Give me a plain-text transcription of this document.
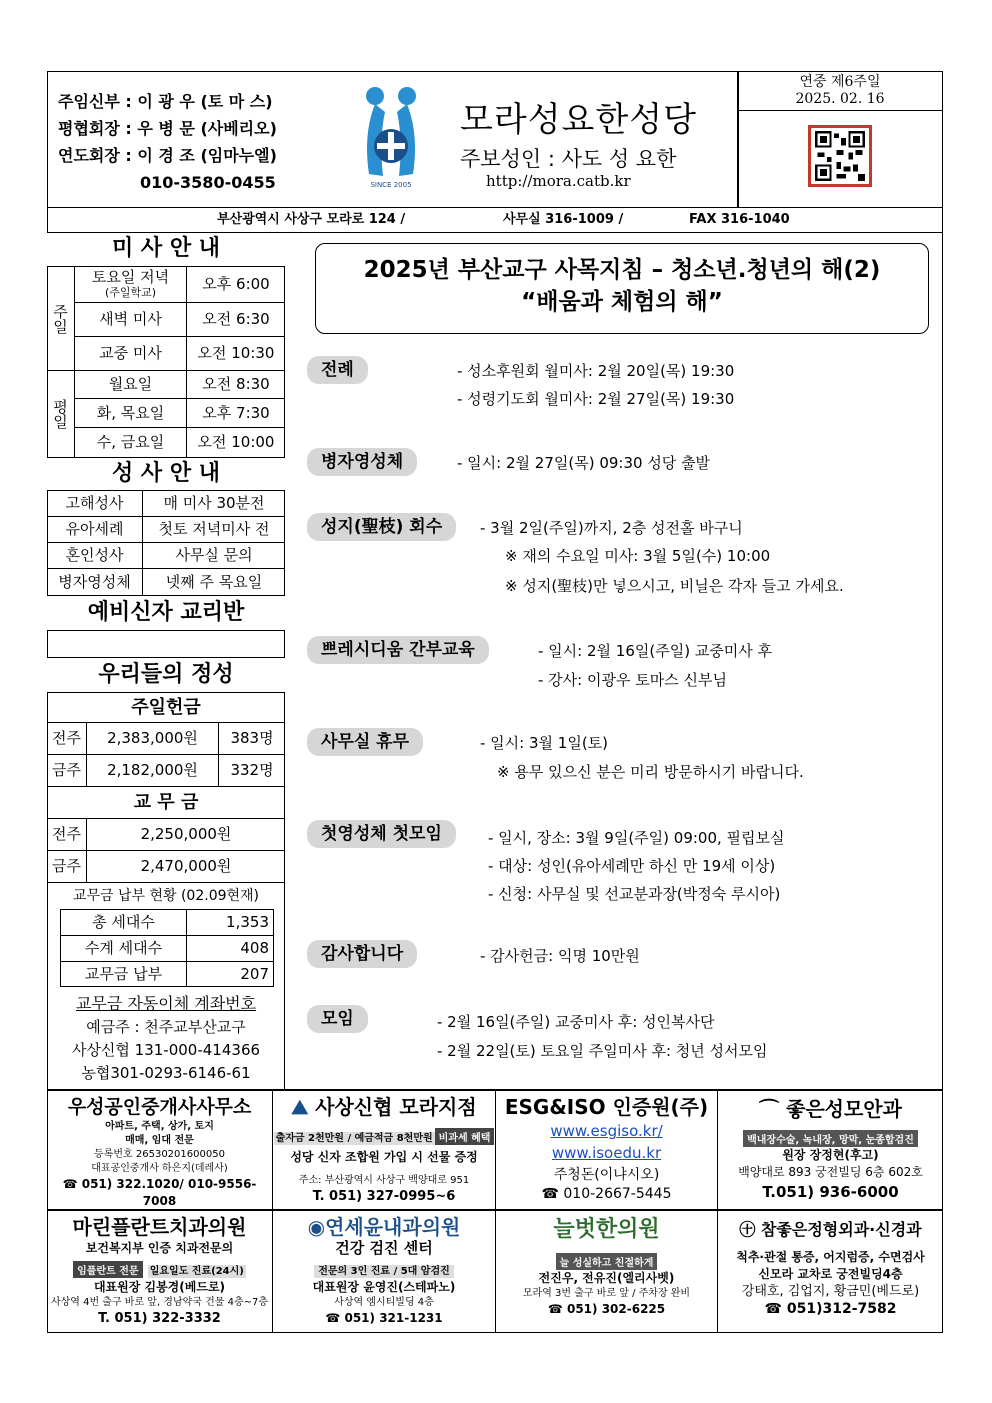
주임신부 : 이 광 우 (토 마 스)
평협회장 : 우 병 문 (사베리오)
연도회장 : 이 경 조 (임마누엘)
010-3580-0455	SINCE 2005
모라성요한성당
주보성인 : 사도 성 요한
http://mora.catb.kr
연중 제6주일
2025. 02. 16
부산광역시 사상구 모라로 124 /	사무실 316-1009 /	FAX 316-1040
미 사 안 내
주일
평일
토요일 저녁
(주일학교)	오후 6:00
새벽 미사	오전 6:30
교중 미사	오전 10:30
월요일	오전 8:30
화, 목요일	오후 7:30
수, 금요일	오전 10:00
성 사 안 내
고해성사	매 미사 30분전
유아세례	첫토 저녁미사 전
혼인성사	사무실 문의
병자영성체	넷째 주 목요일
예비신자 교리반
우리들의 정성
주일헌금
전주	2,383,000원	383명
금주	2,182,000원	332명
교 무 금
전주	2,250,000원
금주	2,470,000원
교무금 납부 현황 (02.09현재)
총 세대수	1,353
수계 세대수	408
교무금 납부	207
교무금 자동이체 계좌번호
예금주 : 천주교부산교구
사상신협 131-000-414366
농협301-0293-6146-61
2025년 부산교구 사목지침 – 청소년.청년의 해(2)
“배움과 체험의 해”
전례	- 성소후원회 월미사: 2월 20일(목) 19:30
- 성령기도회 월미사: 2월 27일(목) 19:30
병자영성체	- 일시: 2월 27일(목) 09:30 성당 출발
성지(聖枝) 회수	- 3월 2일(주일)까지, 2층 성전홀 바구니
※ 재의 수요일 미사: 3월 5일(수) 10:00
※ 성지(聖枝)만 넣으시고, 비닐은 각자 들고 가세요.
쁘레시디움 간부교육	- 일시: 2월 16일(주일) 교중미사 후
- 강사: 이광우 토마스 신부님
사무실 휴무	- 일시: 3월 1일(토)
※ 용무 있으신 분은 미리 방문하시기 바랍니다.
첫영성체 첫모임	- 일시, 장소: 3월 9일(주일) 09:00, 필립보실
- 대상: 성인(유아세례만 하신 만 19세 이상)
- 신청: 사무실 및 선교분과장(박정숙 루시아)
감사합니다	- 감사헌금: 익명 10만원
모임	- 2월 16일(주일) 교중미사 후: 성인복사단
- 2월 22일(토) 토요일 주일미사 후: 청년 성서모임
우성공인중개사사무소
아파트, 주택, 상가, 토지
매매, 임대 전문
등록번호 26530201600050
대표공인중개사 하은지(데레사)
☎ 051) 322.1020/ 010-9556-7008
⛰ 사상신협 모라지점
출자금 2천만원 / 예금적금 8천만원 비과세 혜택
성당 신자 조합원 가입 시 선물 증정
주소: 부산광역시 사상구 백양대로 951
T. 051) 327-0995~6
ESG&ISO 인증원(주)
www.esgiso.kr/
www.isoedu.kr
주청돈(이냐시오)
☎ 010-2667-5445
⌒ 좋은성모안과
백내장수술, 녹내장, 망막, 눈종합검진
원장 장정현(후고)
백양대로 893 궁전빌딩 6층 602호
T.051) 936-6000
마린플란트치과의원
보건복지부 인증 치과전문의
임플란트 전문 일요일도 진료(24시)
대표원장 김봉경(베드로)
사상역 4번 출구 바로 앞, 경남약국 건물 4층~7층
T. 051) 322-3332
◉연세윤내과의원
건강 검진 센터
전문의 3인 진료 / 5대 암검진
대표원장 윤영진(스테파노)
사상역 엠시티빌딩 4층
☎ 051) 321-1231
늘벗한의원
늘 성실하고 친절하게
전진우, 전유진(엘리사벳)
모라역 3번 출구 바로 앞 / 주차장 완비
☎ 051) 302-6225
㊉ 참좋은정형외과·신경과
척추·관절 통증, 어지럼증, 수면검사
신모라 교차로 궁전빌딩4층
강태호, 김업지, 황금민(베드로)
☎ 051)312-7582
